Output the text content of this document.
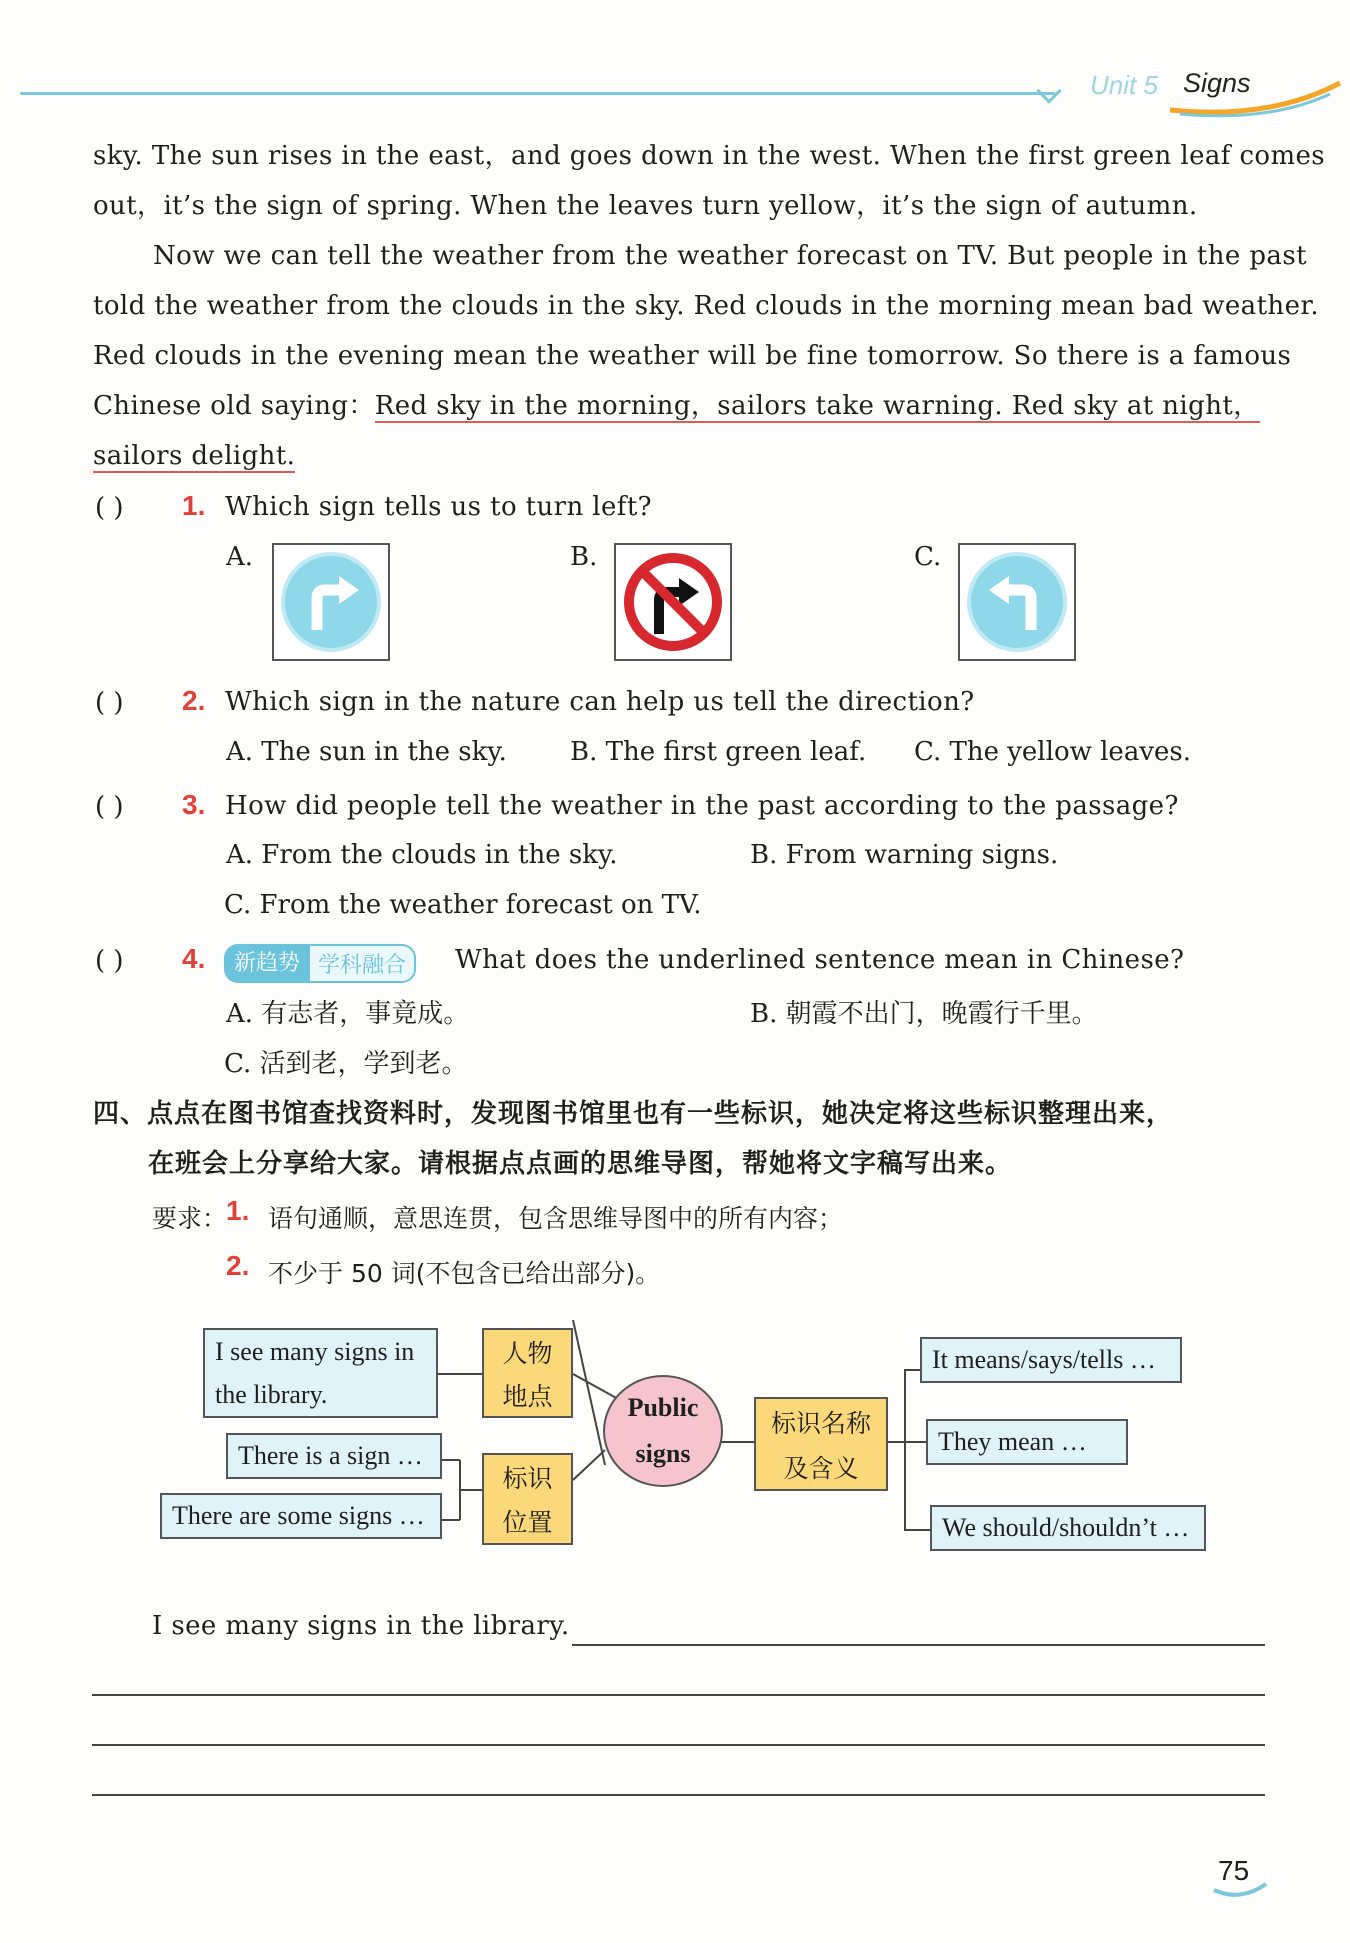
Unit 5 Signs
sky. The sun rises in the east，and goes down in the west. When the first green leaf comes
out，it’s the sign of spring. When the leaves turn yellow，it’s the sign of autumn.
Now we can tell the weather from the weather forecast on TV. But people in the past
told the weather from the clouds in the sky. Red clouds in the morning mean bad weather.
Red clouds in the evening mean the weather will be fine tomorrow. So there is a famous
Chinese old saying：Red sky in the morning，sailors take warning. Red sky at night，
sailors delight.
( ) 1. Which sign tells us to turn left?
A.	B.	C.
( ) 2. Which sign in the nature can help us tell the direction?
A. The sun in the sky. B. The first green leaf. C. The yellow leaves.
( ) 3. How did people tell the weather in the past according to the passage?
A. From the clouds in the sky.	B. From warning signs.
C. From the weather forecast on TV.
( ) 4.	新趋势 学科融合	What does the underlined sentence mean in Chinese?
A. 有志者，事竟成。	B. 朝霞不出门，晚霞行千里。
C. 活到老，学到老。
四、点点在图书馆查找资料时，发现图书馆里也有一些标识，她决定将这些标识整理出来，
在班会上分享给大家。请根据点点画的思维导图，帮她将文字稿写出来。
要求：
1. 语句通顺，意思连贯，包含思维导图中的所有内容；
2. 不少于 50 词(不包含已给出部分)。
I see many signs in
the library.
人物
地点
There is a sign …
There are some signs …
标识
位置
Public
signs
标识名称
及含义
It means/says/tells …
They mean …
We should/shouldn’t …
I see many signs in the library.
75
